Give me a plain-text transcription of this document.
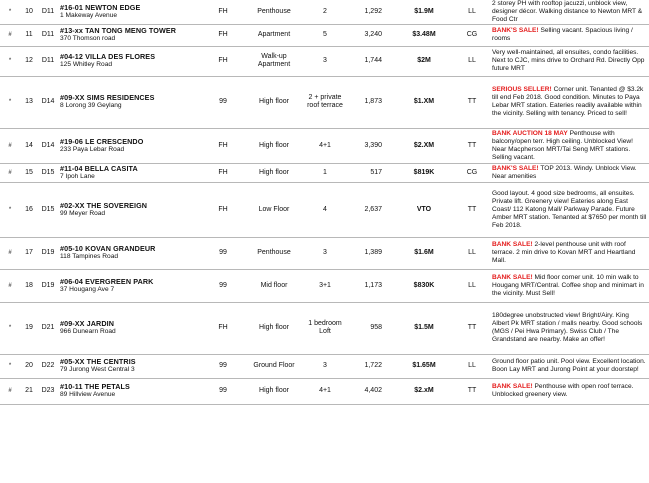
*	10	D11	#16-01 NEWTON EDGE
1 Makeway Avenue	FH	Penthouse	2	1,292	$1.9M	LL	2 storey PH with rooftop jacuzzi, unblock view, designer décor. Walking distance to Newton MRT & Food Ctr
#	11	D11	#13-xx TAN TONG MENG TOWER
370 Thomson road	FH	Apartment	5	3,240	$3.48M	CG	BANK'S SALE! Selling vacant. Spacious living / rooms
*	12	D11	#04-12 VILLA DES FLORES
125 Whitley Road	FH	Walk-up Apartment	3	1,744	$2M	LL	Very well-maintained, all ensuites, condo facilities. Next to CJC, mins drive to Orchard Rd. Directly Opp future MRT
*	13	D14	#09-XX SIMS RESIDENCES
8 Lorong 39 Geylang	99	High floor	2 + private roof terrace	1,873	$1.XM	TT	SERIOUS SELLER! Corner unit. Tenanted @ $3.2k till end Feb 2018. Good condition. Minutes to Paya Lebar MRT station. Eateries readily available within the vicinity. Selling with tenancy. Priced to sell!
#	14	D14	#19-06 LE CRESCENDO
233 Paya Lebar Road	FH	High floor	4+1	3,390	$2.XM	TT	BANK AUCTION 18 MAY Penthouse with balcony/open terr. High ceiling. Unblocked View! Near Macpherson MRT/Tai Seng MRT stations. Selling vacant.
#	15	D15	#11-04 BELLA CASITA
7 Ipoh Lane	FH	High floor	1	517	$819K	CG	BANK'S SALE! TOP 2013. Windy. Unblock View. Near amenities
*	16	D15	#02-XX THE SOVEREIGN
99 Meyer Road	FH	Low Floor	4	2,637	VTO	TT	Good layout. 4 good size bedrooms, all ensuites. Private lift. Greenery view! Eateries along East Coast/ 112 Katong Mall/ Parkway Parade. Future Amber MRT station. Tenanted at $7650 per month till Feb 2018.
#	17	D19	#05-10 KOVAN GRANDEUR
118 Tampines Road	99	Penthouse	3	1,389	$1.6M	LL	BANK SALE! 2-level penthouse unit with roof terrace. 2 min drive to Kovan MRT and Heartland Mall.
#	18	D19	#06-04 EVERGREEN PARK
37 Hougang Ave 7	99	Mid floor	3+1	1,173	$830K	LL	BANK SALE! Mid floor corner unit. 10 min walk to Hougang MRT/Central. Coffee shop and minimart in the vicinity. Must Sell!
*	19	D21	#09-XX JARDIN
966 Dunearn Road	FH	High floor	1 bedroom Loft	958	$1.5M	TT	180degree unobstructed view! Bright/Airy. King Albert Pk MRT station / malls nearby. Good schools (MGS / Pei Hwa Primary). Swiss Club / The Grandstand are nearby. Make an offer!
*	20	D22	#05-XX THE CENTRIS
79 Jurong West Central 3	99	Ground Floor	3	1,722	$1.65M	LL	Ground floor patio unit. Pool view. Excellent location. Boon Lay MRT and Jurong Point at your doorstep!
#	21	D23	#10-11 THE PETALS
89 Hillview Avenue	99	High floor	4+1	4,402	$2.xM	TT	BANK SALE! Penthouse with open roof terrace. Unblocked greenery view.
